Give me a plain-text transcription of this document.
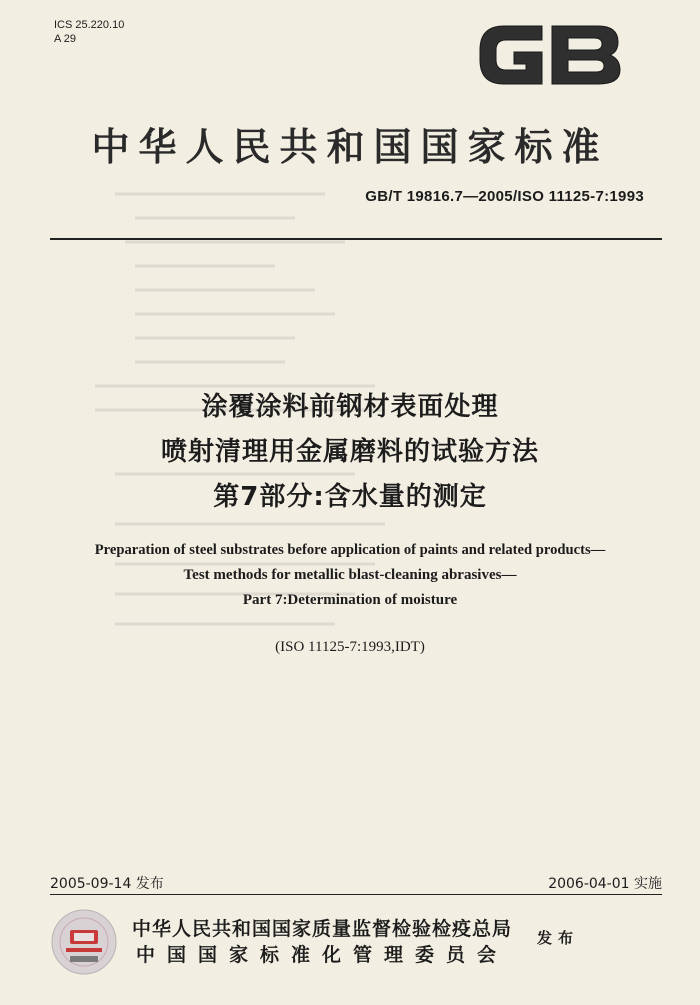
ICS 25.220.10
A 29
中华人民共和国国家标准
GB/T 19816.7—2005/ISO 11125-7:1993
涂覆涂料前钢材表面处理
喷射清理用金属磨料的试验方法
第7部分:含水量的测定
Preparation of steel substrates before application of paints and related products—
Test methods for metallic blast-cleaning abrasives—
Part 7:Determination of moisture
(ISO 11125-7:1993,IDT)
2005-09-14 发布	2006-04-01 实施
中华人民共和国国家质量监督检验检疫总局
中国国家标准化管理委员会
发布
